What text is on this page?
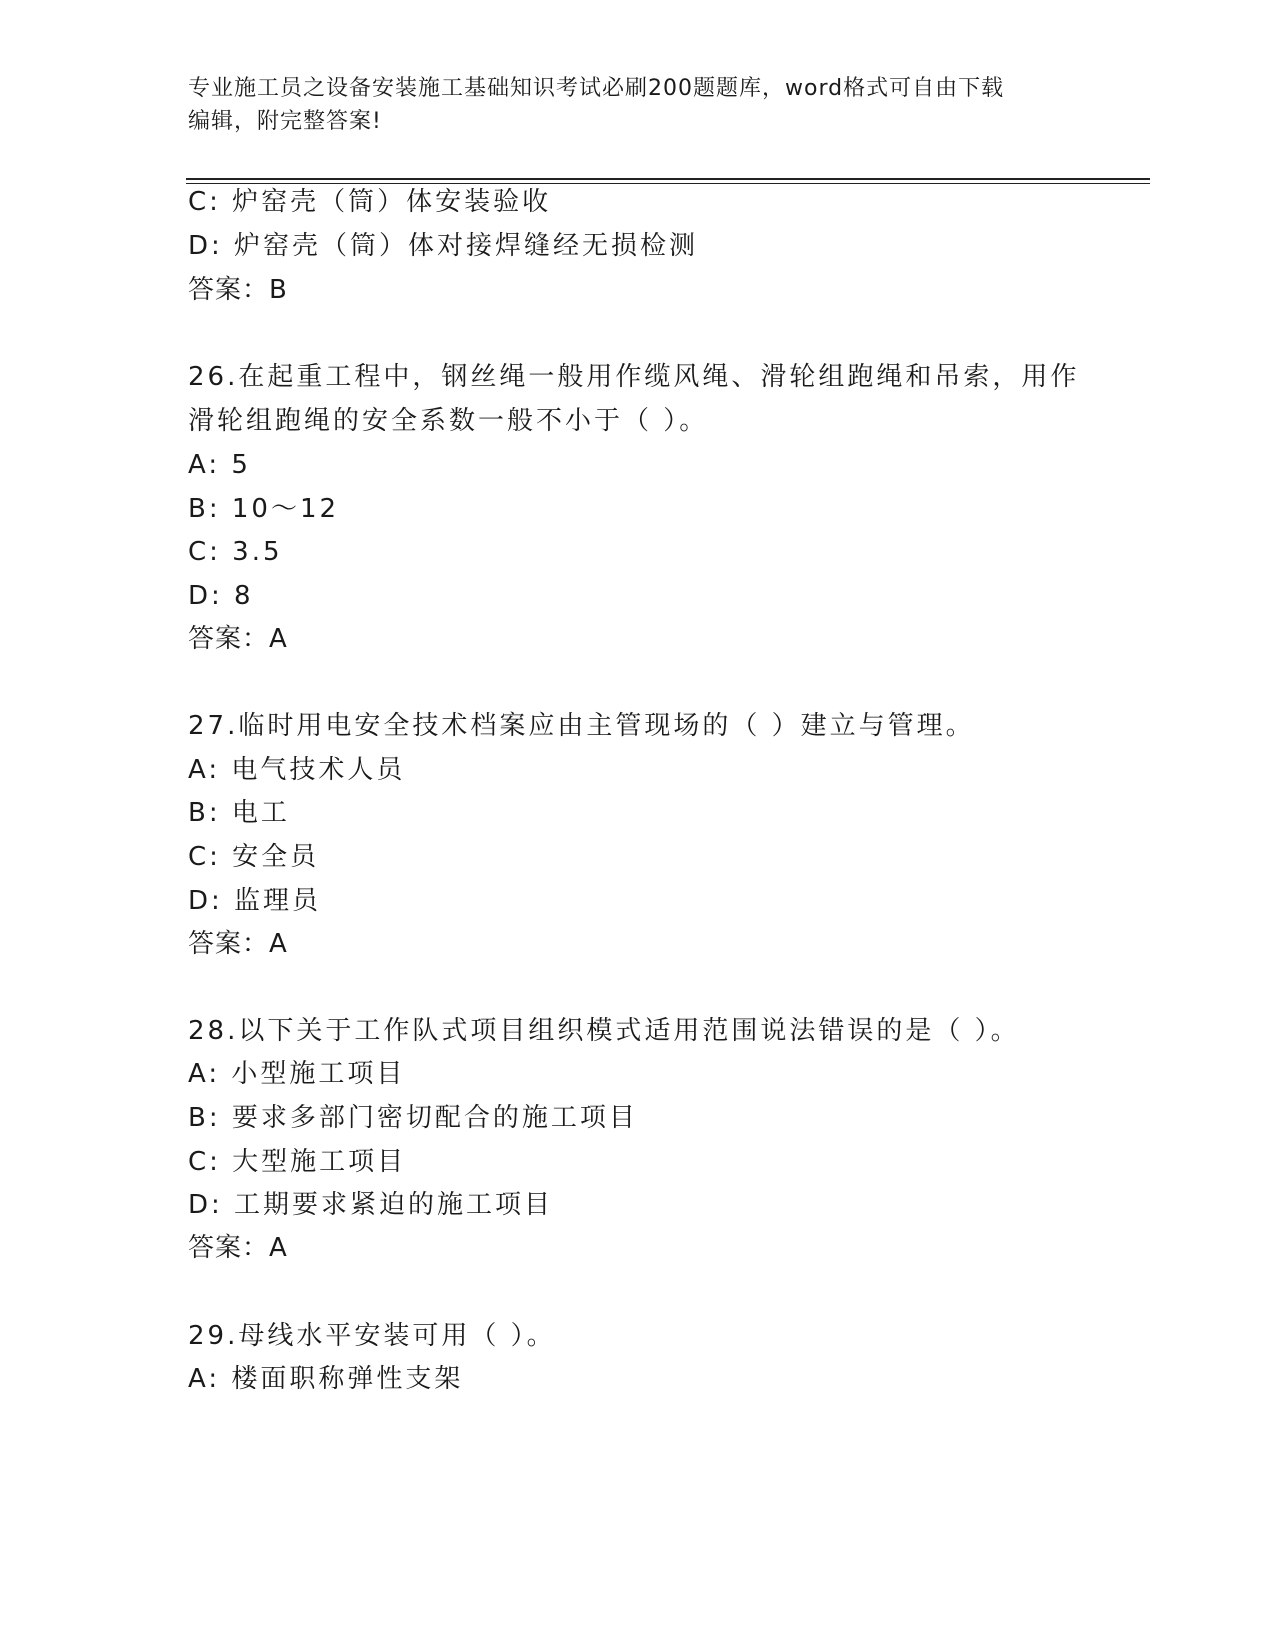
专业施工员之设备安装施工基础知识考试必刷200题题库，word格式可自由下载
编辑，附完整答案!
C: 炉窑壳（筒）体安装验收
D: 炉窑壳（筒）体对接焊缝经无损检测
答案：B
26.在起重工程中，钢丝绳一般用作缆风绳、滑轮组跑绳和吊索，用作
滑轮组跑绳的安全系数一般不小于（ ）。
A: 5
B: 10～12
C: 3.5
D: 8
答案：A
27.临时用电安全技术档案应由主管现场的（ ）建立与管理。
A: 电气技术人员
B: 电工
C: 安全员
D: 监理员
答案：A
28.以下关于工作队式项目组织模式适用范围说法错误的是（ ）。
A: 小型施工项目
B: 要求多部门密切配合的施工项目
C: 大型施工项目
D: 工期要求紧迫的施工项目
答案：A
29.母线水平安装可用（ ）。
A: 楼面职称弹性支架
